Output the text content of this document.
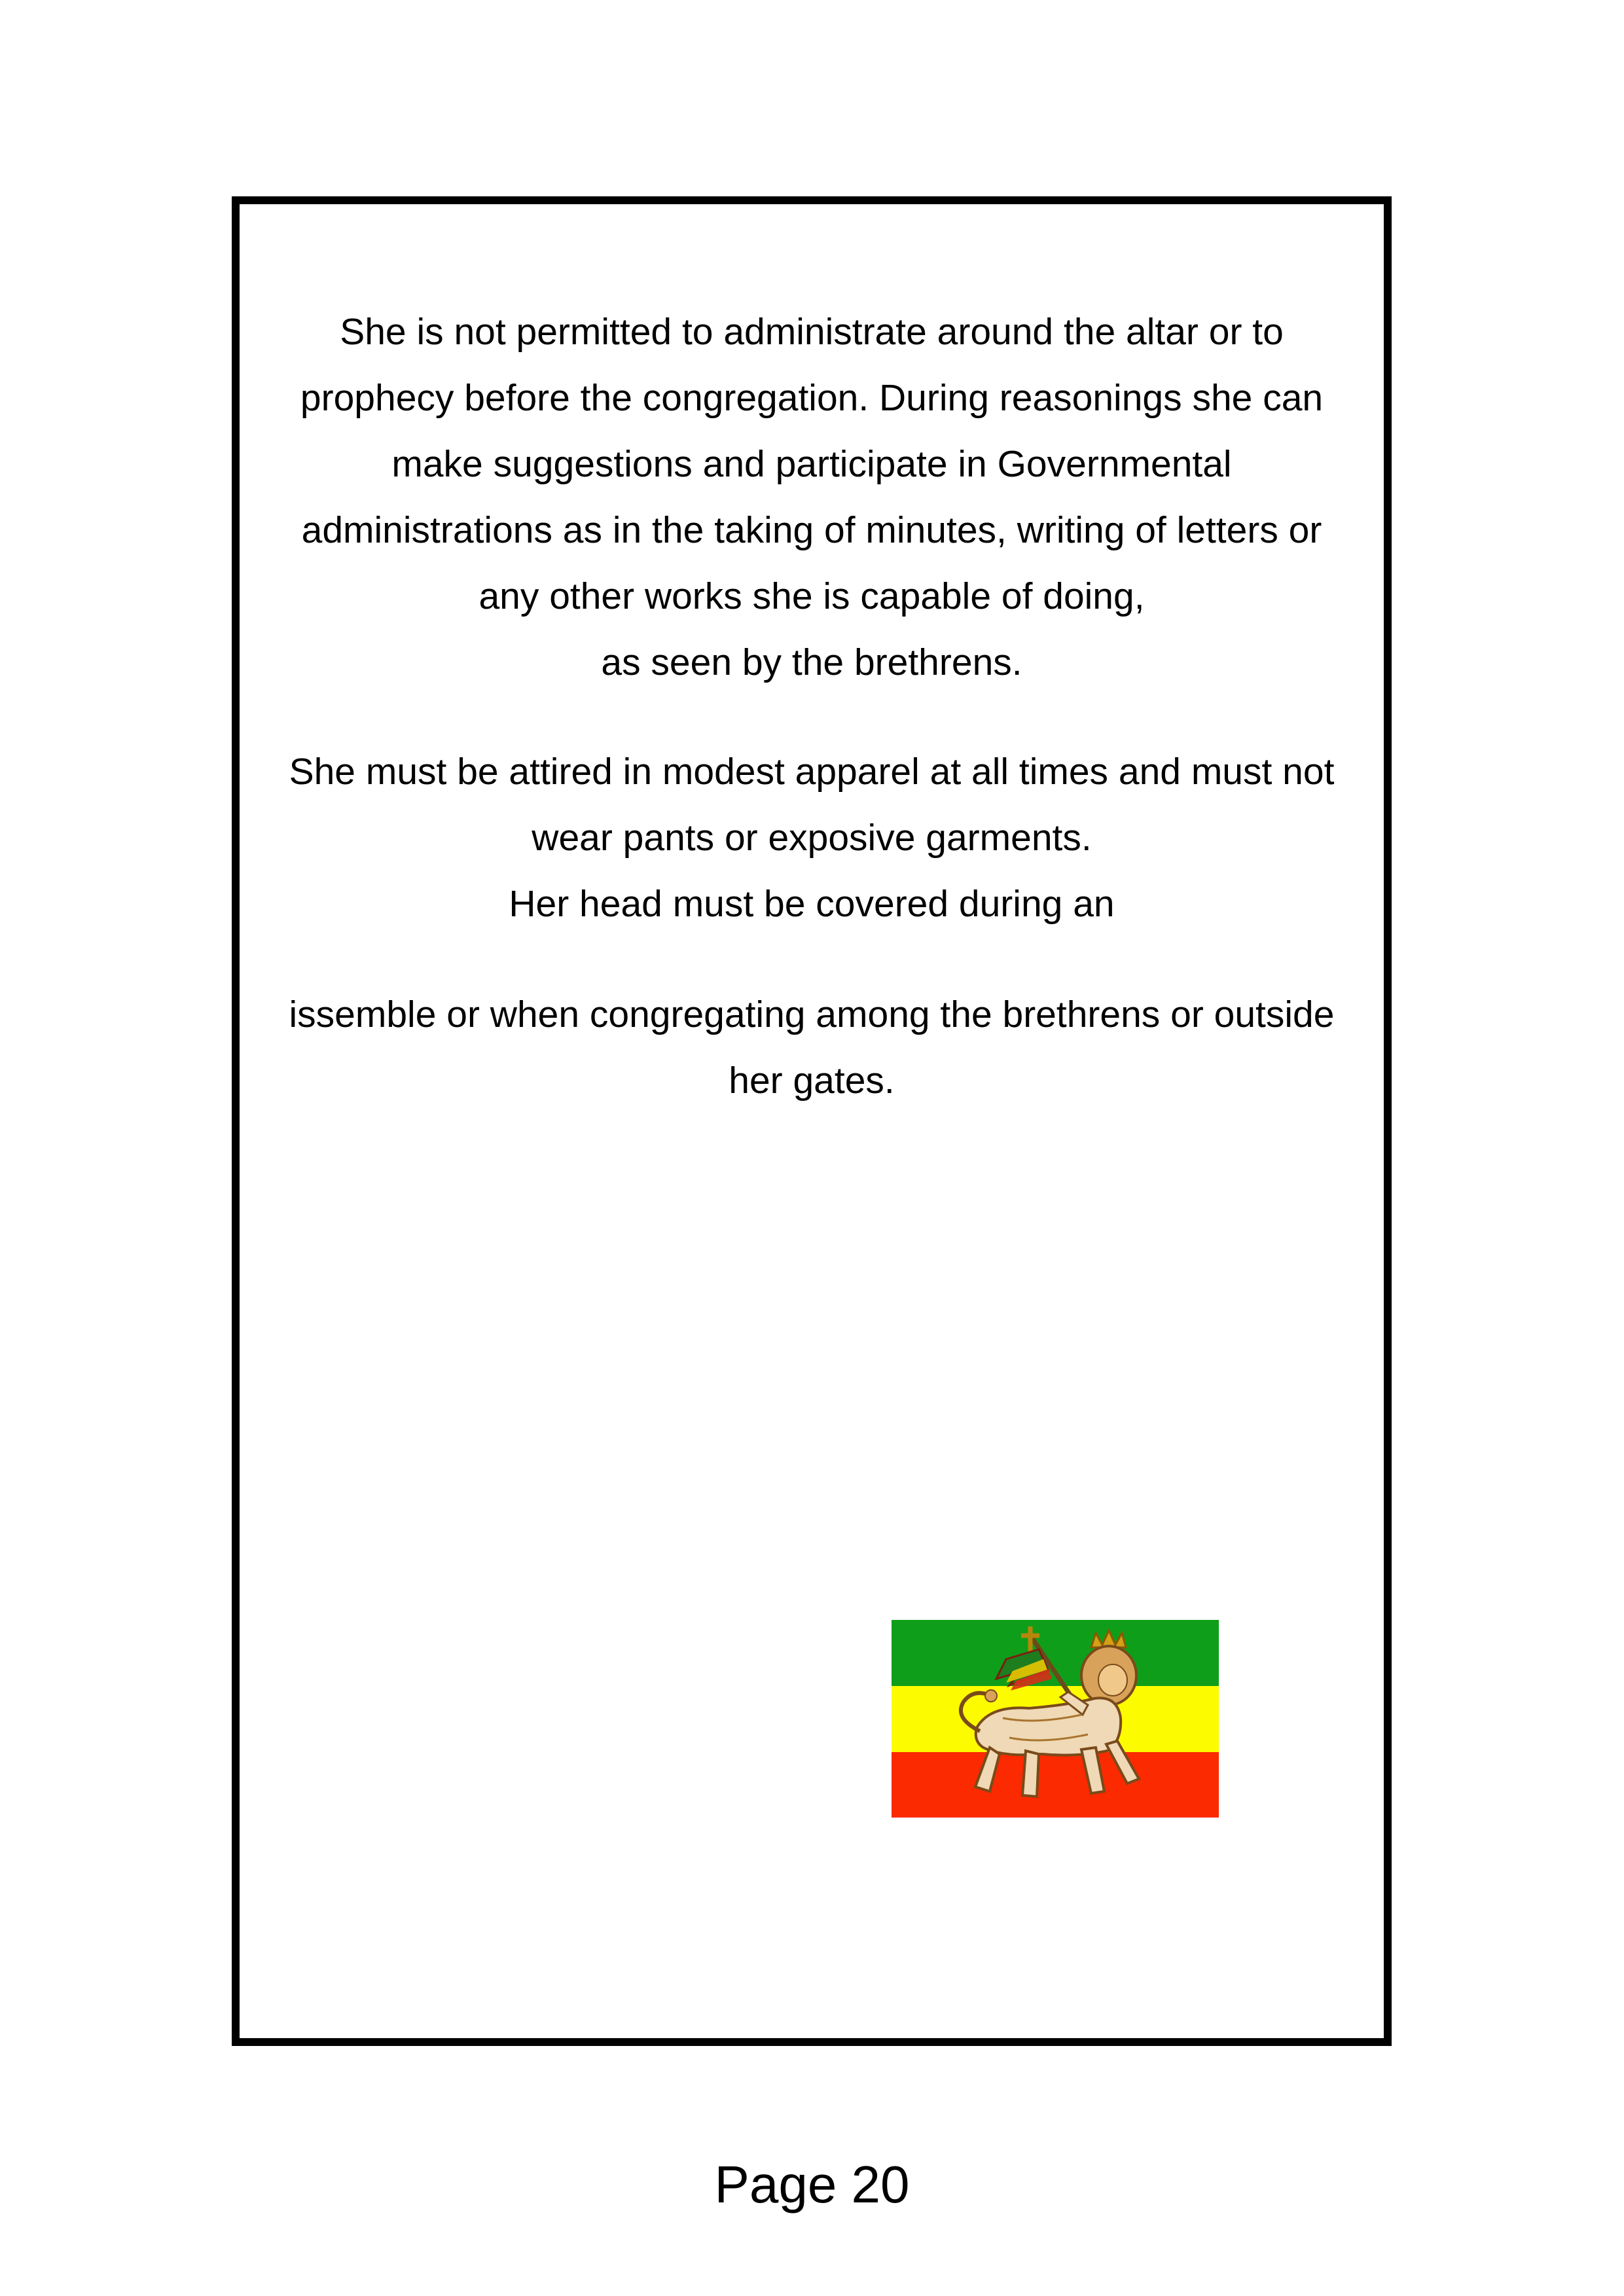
She is not permitted to administrate around the altar or to
prophecy before the congregation. During reasonings she can
make suggestions and participate in Governmental
administrations as in the taking of minutes, writing of letters or
any other works she is capable of doing,
as seen by the brethrens.
She must be attired in modest apparel at all times and must not
wear pants or exposive garments.
Her head must be covered during an
issemble or when congregating among the brethrens or outside
her gates.
Page 20
